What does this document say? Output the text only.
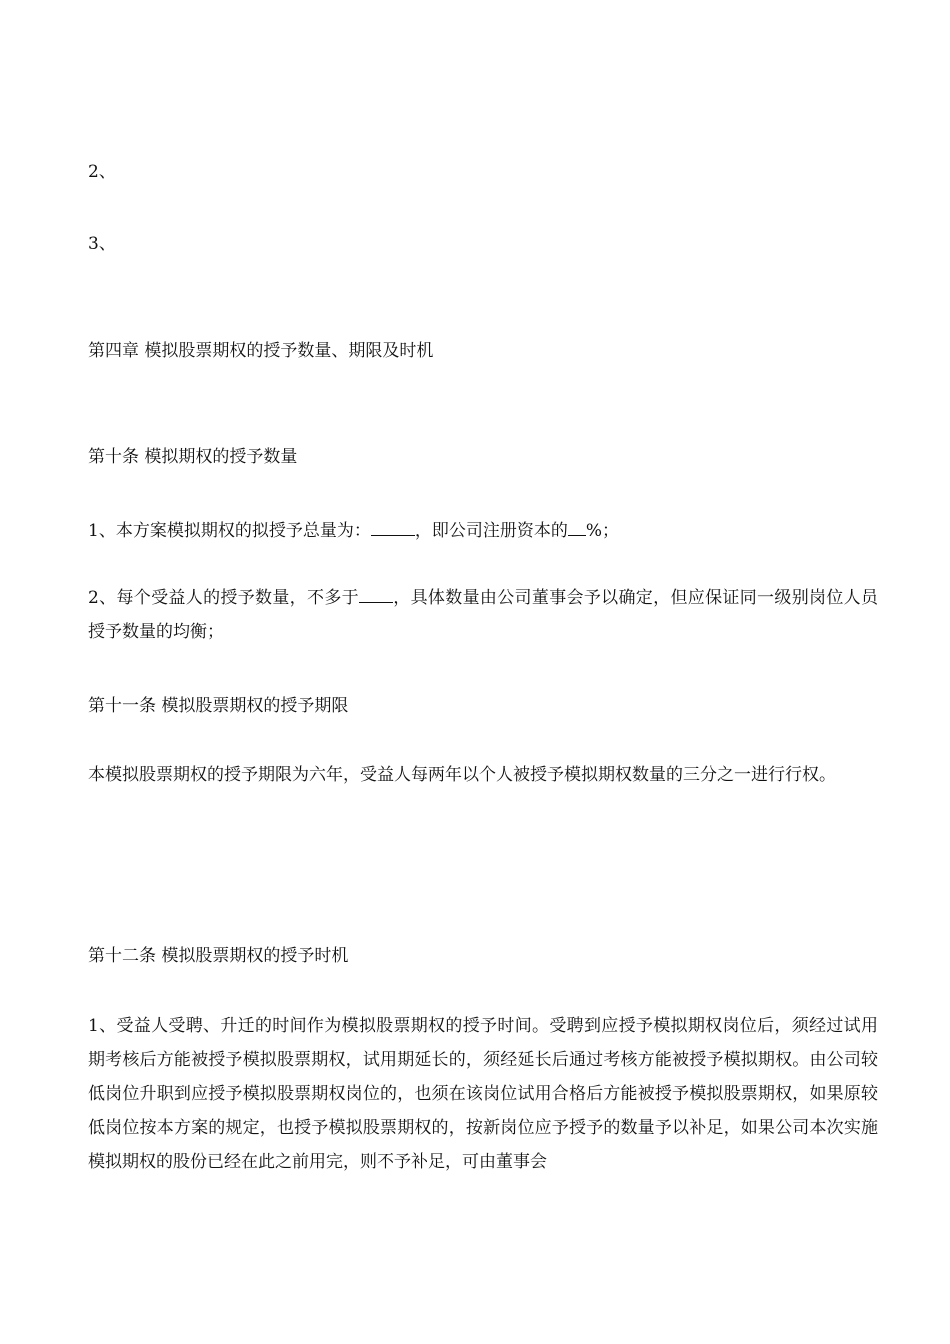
2、
3、
第四章 模拟股票期权的授予数量、期限及时机
第十条 模拟期权的授予数量
1、本方案模拟期权的拟授予总量为：	，即公司注册资本的 %；
2、每个受益人的授予数量，不多于 ，具体数量由公司董事会予以确定，但应保证同一级别岗位人员授予数量的均衡；
第十一条 模拟股票期权的授予期限
本模拟股票期权的授予期限为六年，受益人每两年以个人被授予模拟期权数量的三分之一进行行权。
第十二条 模拟股票期权的授予时机
1、受益人受聘、升迁的时间作为模拟股票期权的授予时间。受聘到应授予模拟期权岗位后，须经过试用期考核后方能被授予模拟股票期权，试用期延长的，须经延长后通过考核方能被授予模拟期权。由公司较低岗位升职到应授予模拟股票期权岗位的，也须在该岗位试用合格后方能被授予模拟股票期权，如果原较低岗位按本方案的规定，也授予模拟股票期权的，按新岗位应予授予的数量予以补足，如果公司本次实施模拟期权的股份已经在此之前用完，则不予补足，可由董事会
